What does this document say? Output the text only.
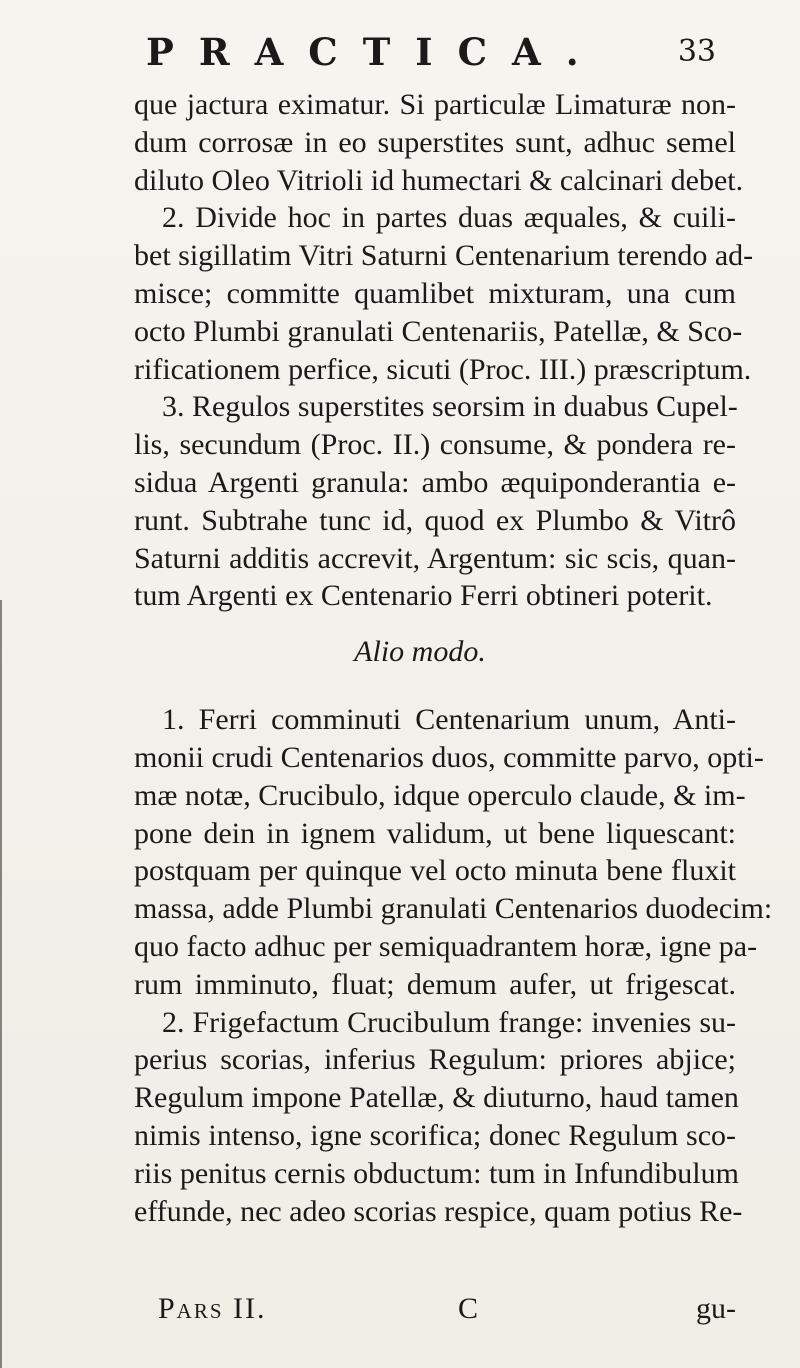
PRACTICA. 33
que jactura eximatur. Si particulæ Limaturæ non-
dum corrosæ in eo superstites sunt, adhuc semel
diluto Oleo Vitrioli id humectari & calcinari debet.
2. Divide hoc in partes duas æquales, & cuili-
bet sigillatim Vitri Saturni Centenarium terendo ad-
misce; committe quamlibet mixturam, una cum
octo Plumbi granulati Centenariis, Patellæ, & Sco-
rificationem perfice, sicuti (Proc. III.) præscriptum.
3. Regulos superstites seorsim in duabus Cupel-
lis, secundum (Proc. II.) consume, & pondera re-
sidua Argenti granula: ambo æquiponderantia e-
runt. Subtrahe tunc id, quod ex Plumbo & Vitrô
Saturni additis accrevit, Argentum: sic scis, quan-
tum Argenti ex Centenario Ferri obtineri poterit.
Alio modo.
1. Ferri comminuti Centenarium unum, Anti-
monii crudi Centenarios duos, committe parvo, opti-
mæ notæ, Crucibulo, idque operculo claude, & im-
pone dein in ignem validum, ut bene liquescant:
postquam per quinque vel octo minuta bene fluxit
massa, adde Plumbi granulati Centenarios duodecim:
quo facto adhuc per semiquadrantem horæ, igne pa-
rum imminuto, fluat; demum aufer, ut frigescat.
2. Frigefactum Crucibulum frange: invenies su-
perius scorias, inferius Regulum: priores abjice;
Regulum impone Patellæ, & diuturno, haud tamen
nimis intenso, igne scorifica; donec Regulum sco-
riis penitus cernis obductum: tum in Infundibulum
effunde, nec adeo scorias respice, quam potius Re-
Pars II.	C	gu-
